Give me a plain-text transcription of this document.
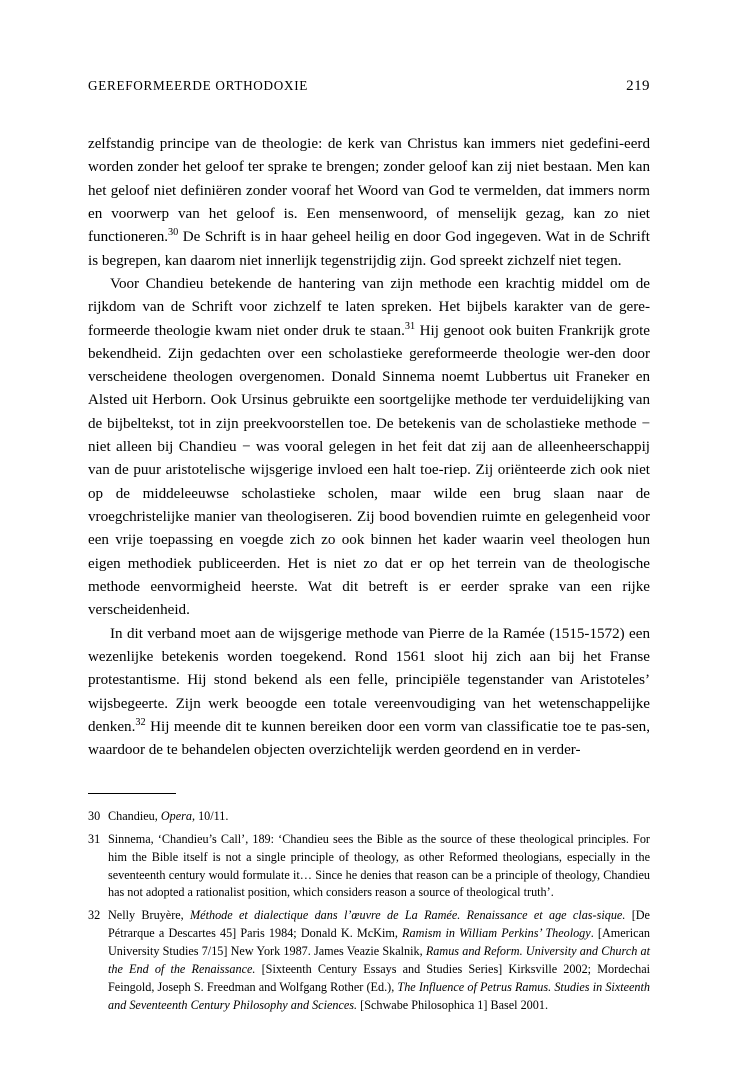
GEREFORMEERDE ORTHODOXIE	219

zelfstandig principe van de theologie: de kerk van Christus kan immers niet gedefini-eerd worden zonder het geloof ter sprake te brengen; zonder geloof kan zij niet bestaan. Men kan het geloof niet definiëren zonder vooraf het Woord van God te vermelden, dat immers norm en voorwerp van het geloof is. Een mensenwoord, of menselijk gezag, kan zo niet functioneren.$^{30}$ De Schrift is in haar geheel heilig en door God ingegeven. Wat in de Schrift is begrepen, kan daarom niet innerlijk tegenstrijdig zijn. God spreekt zichzelf niet tegen.

Voor Chandieu betekende de hantering van zijn methode een krachtig middel om de rijkdom van de Schrift voor zichzelf te laten spreken. Het bijbels karakter van de gere-formeerde theologie kwam niet onder druk te staan.$^{31}$ Hij genoot ook buiten Frankrijk grote bekendheid. Zijn gedachten over een scholastieke gereformeerde theologie wer-den door verscheidene theologen overgenomen. Donald Sinnema noemt Lubbertus uit Franeker en Alsted uit Herborn. Ook Ursinus gebruikte een soortgelijke methode ter verduidelijking van de bijbeltekst, tot in zijn preekvoorstellen toe. De betekenis van de scholastieke methode − niet alleen bij Chandieu − was vooral gelegen in het feit dat zij aan de alleenheerschappij van de puur aristotelische wijsgerige invloed een halt toe-riep. Zij oriënteerde zich ook niet op de middeleeuwse scholastieke scholen, maar wilde een brug slaan naar de vroegchristelijke manier van theologiseren. Zij bood bovendien ruimte en gelegenheid voor een vrije toepassing en voegde zich zo ook binnen het kader waarin veel theologen hun eigen methodiek publiceerden. Het is niet zo dat er op het terrein van de theologische methode eenvormigheid heerste. Wat dit betreft is er eerder sprake van een rijke verscheidenheid.

In dit verband moet aan de wijsgerige methode van Pierre de la Ramée (1515-1572) een wezenlijke betekenis worden toegekend. Rond 1561 sloot hij zich aan bij het Franse protestantisme. Hij stond bekend als een felle, principiële tegenstander van Aristoteles’ wijsbegeerte. Zijn werk beoogde een totale vereenvoudiging van het wetenschappelijke denken.$^{32}$ Hij meende dit te kunnen bereiken door een vorm van classificatie toe te pas-sen, waardoor de te behandelen objecten overzichtelijk werden geordend en in verder-

30 Chandieu, Opera, 10/11.
31 Sinnema, ‘Chandieu’s Call’, 189: ‘Chandieu sees the Bible as the source of these theological principles. For him the Bible itself is not a single principle of theology, as other Reformed theologians, especially in the seventeenth century would formulate it… Since he denies that reason can be a principle of theology, Chandieu has not adopted a rationalist position, which considers reason a source of theological truth’.
32 Nelly Bruyère, Méthode et dialectique dans l’œuvre de La Ramée. Renaissance et age clas-sique. [De Pétrarque a Descartes 45] Paris 1984; Donald K. McKim, Ramism in William Perkins’ Theology. [American University Studies 7/15] New York 1987. James Veazie Skalnik, Ramus and Reform. University and Church at the End of the Renaissance. [Sixteenth Century Essays and Studies Series] Kirksville 2002; Mordechai Feingold, Joseph S. Freedman and Wolfgang Rother (Ed.), The Influence of Petrus Ramus. Studies in Sixteenth and Seventeenth Century Philosophy and Sciences. [Schwabe Philosophica 1] Basel 2001.
